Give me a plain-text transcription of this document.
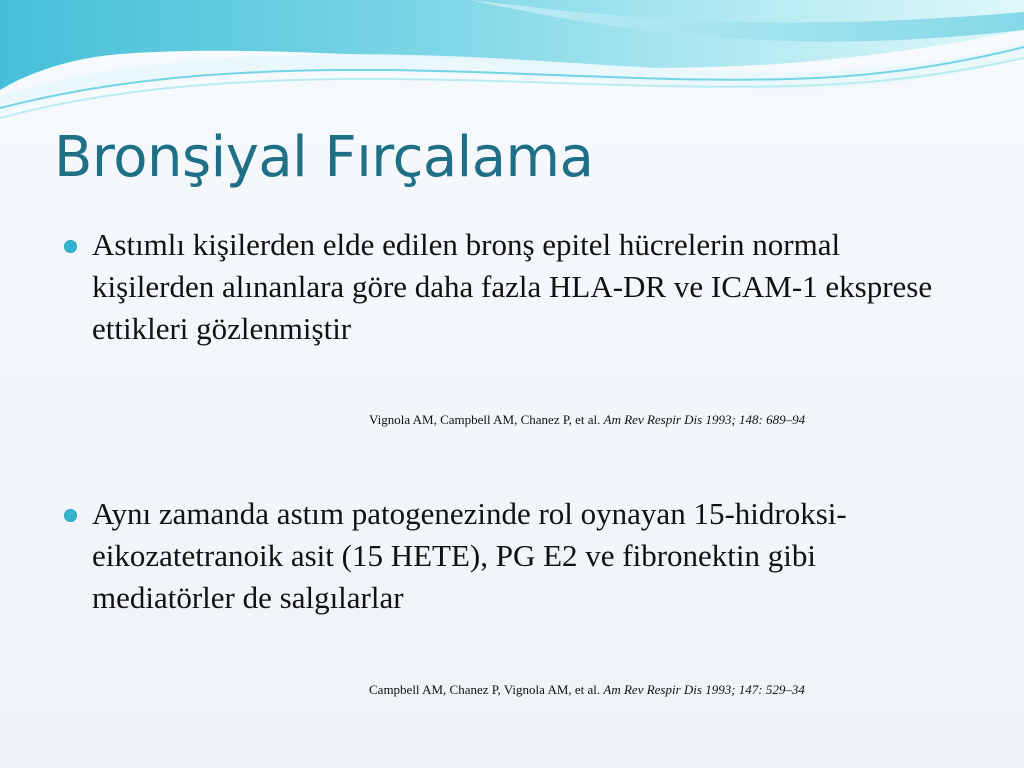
Bronşiyal Fırçalama

Astımlı kişilerden elde edilen bronş epitel hücrelerin normal kişilerden alınanlara göre daha fazla HLA-DR ve ICAM-1 eksprese ettikleri gözlenmiştir

Vignola AM, Campbell AM, Chanez P, et al. Am Rev Respir Dis 1993; 148: 689–94

Aynı zamanda astım patogenezinde rol oynayan 15-hidroksi-eikozatetranoik asit (15 HETE), PG E2 ve fibronektin gibi mediatörler de salgılarlar

Campbell AM, Chanez P, Vignola AM, et al. Am Rev Respir Dis 1993; 147: 529–34
